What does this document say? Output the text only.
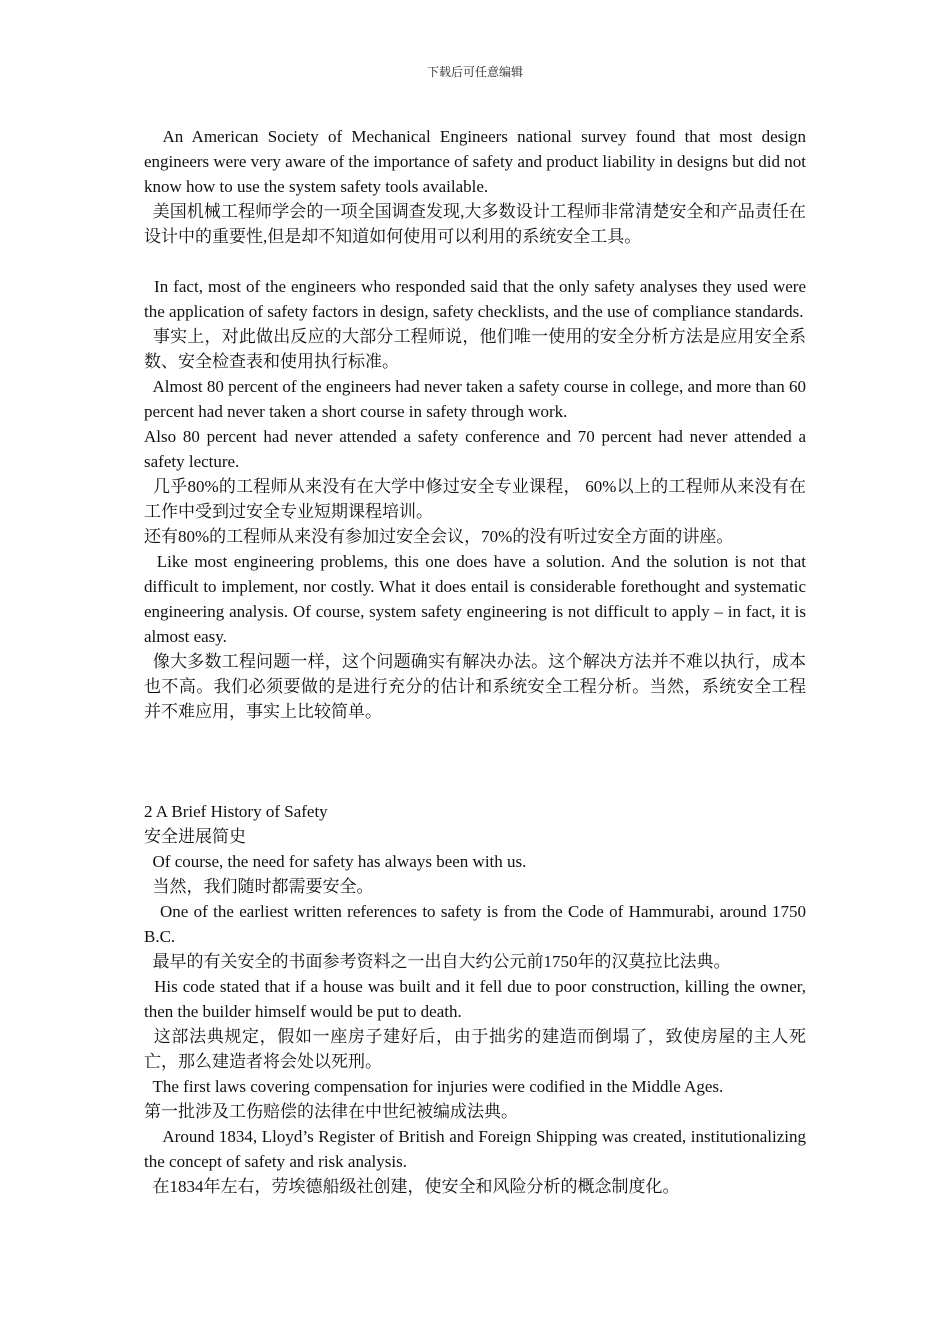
下载后可任意编辑
An American Society of Mechanical Engineers national survey found that most design engineers were very aware of the importance of safety and product liability in designs but did not know how to use the system safety tools available.
美国机械工程师学会的一项全国调查发现,大多数设计工程师非常清楚安全和产品责任在设计中的重要性,但是却不知道如何使用可以利用的系统安全工具。
In fact, most of the engineers who responded said that the only safety analyses they used were the application of safety factors in design, safety checklists, and the use of compliance standards.
事实上，对此做出反应的大部分工程师说，他们唯一使用的安全分析方法是应用安全系数、安全检查表和使用执行标准。
Almost 80 percent of the engineers had never taken a safety course in college, and more than 60 percent had never taken a short course in safety through work.
Also 80 percent had never attended a safety conference and 70 percent had never attended a safety lecture.
几乎80%的工程师从来没有在大学中修过安全专业课程， 60%以上的工程师从来没有在工作中受到过安全专业短期课程培训。
还有80%的工程师从来没有参加过安全会议，70%的没有听过安全方面的讲座。
Like most engineering problems, this one does have a solution. And the solution is not that difficult to implement, nor costly. What it does entail is considerable forethought and systematic engineering analysis. Of course, system safety engineering is not difficult to apply – in fact, it is almost easy.
像大多数工程问题一样，这个问题确实有解决办法。这个解决方法并不难以执行，成本也不高。我们必须要做的是进行充分的估计和系统安全工程分析。当然，系统安全工程并不难应用，事实上比较简单。
2 A Brief History of Safety
安全进展简史
Of course, the need for safety has always been with us.
当然，我们随时都需要安全。
One of the earliest written references to safety is from the Code of Hammurabi, around 1750 B.C.
最早的有关安全的书面参考资料之一出自大约公元前1750年的汉莫拉比法典。
His code stated that if a house was built and it fell due to poor construction, killing the owner, then the builder himself would be put to death.
这部法典规定，假如一座房子建好后，由于拙劣的建造而倒塌了，致使房屋的主人死亡，那么建造者将会处以死刑。
The first laws covering compensation for injuries were codified in the Middle Ages.
第一批涉及工伤赔偿的法律在中世纪被编成法典。
Around 1834, Lloyd’s Register of British and Foreign Shipping was created, institutionalizing the concept of safety and risk analysis.
在1834年左右，劳埃德船级社创建，使安全和风险分析的概念制度化。
